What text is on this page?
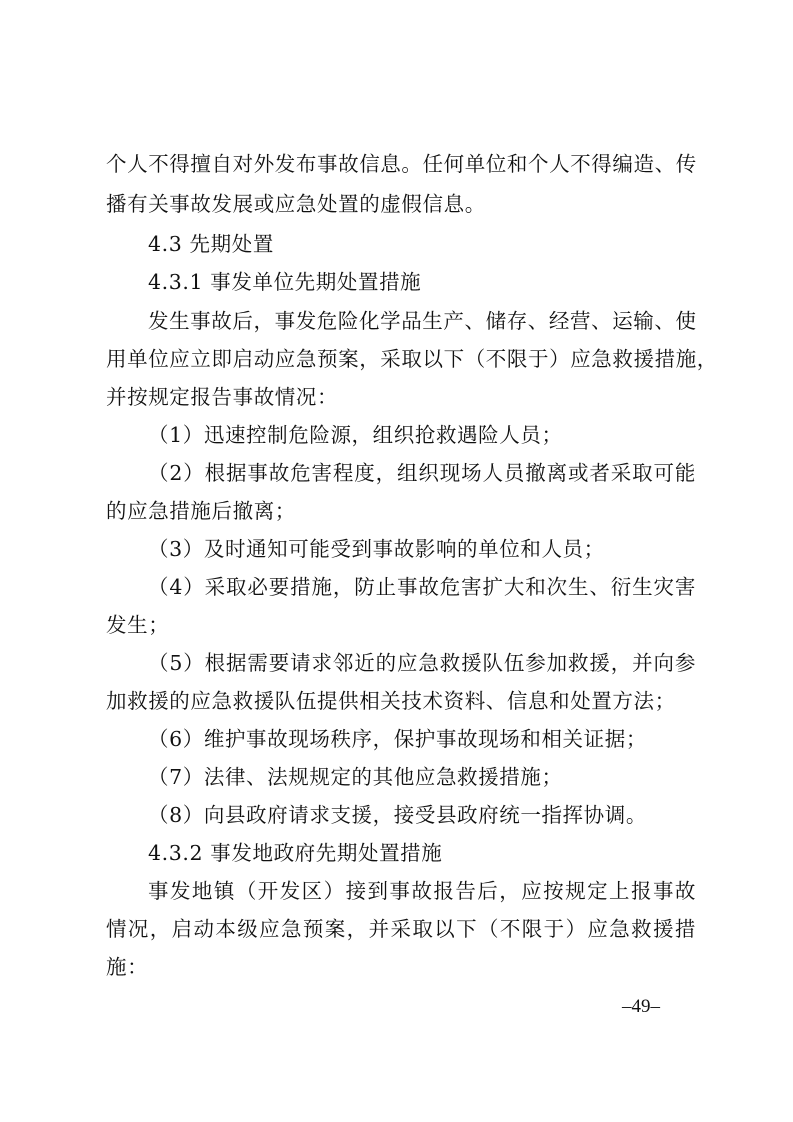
个人不得擅自对外发布事故信息。任何单位和个人不得编造、传

播有关事故发展或应急处置的虚假信息。

4.3 先期处置

4.3.1 事发单位先期处置措施

发生事故后，事发危险化学品生产、储存、经营、运输、使

用单位应立即启动应急预案，采取以下（不限于）应急救援措施，

并按规定报告事故情况：

（1）迅速控制危险源，组织抢救遇险人员；

（2）根据事故危害程度，组织现场人员撤离或者采取可能

的应急措施后撤离；

（3）及时通知可能受到事故影响的单位和人员；

（4）采取必要措施，防止事故危害扩大和次生、衍生灾害

发生；

（5）根据需要请求邻近的应急救援队伍参加救援，并向参

加救援的应急救援队伍提供相关技术资料、信息和处置方法；

（6）维护事故现场秩序，保护事故现场和相关证据；

（7）法律、法规规定的其他应急救援措施；

（8）向县政府请求支援，接受县政府统一指挥协调。

4.3.2 事发地政府先期处置措施

事发地镇（开发区）接到事故报告后，应按规定上报事故

情况，启动本级应急预案，并采取以下（不限于）应急救援措

施：

–49–
